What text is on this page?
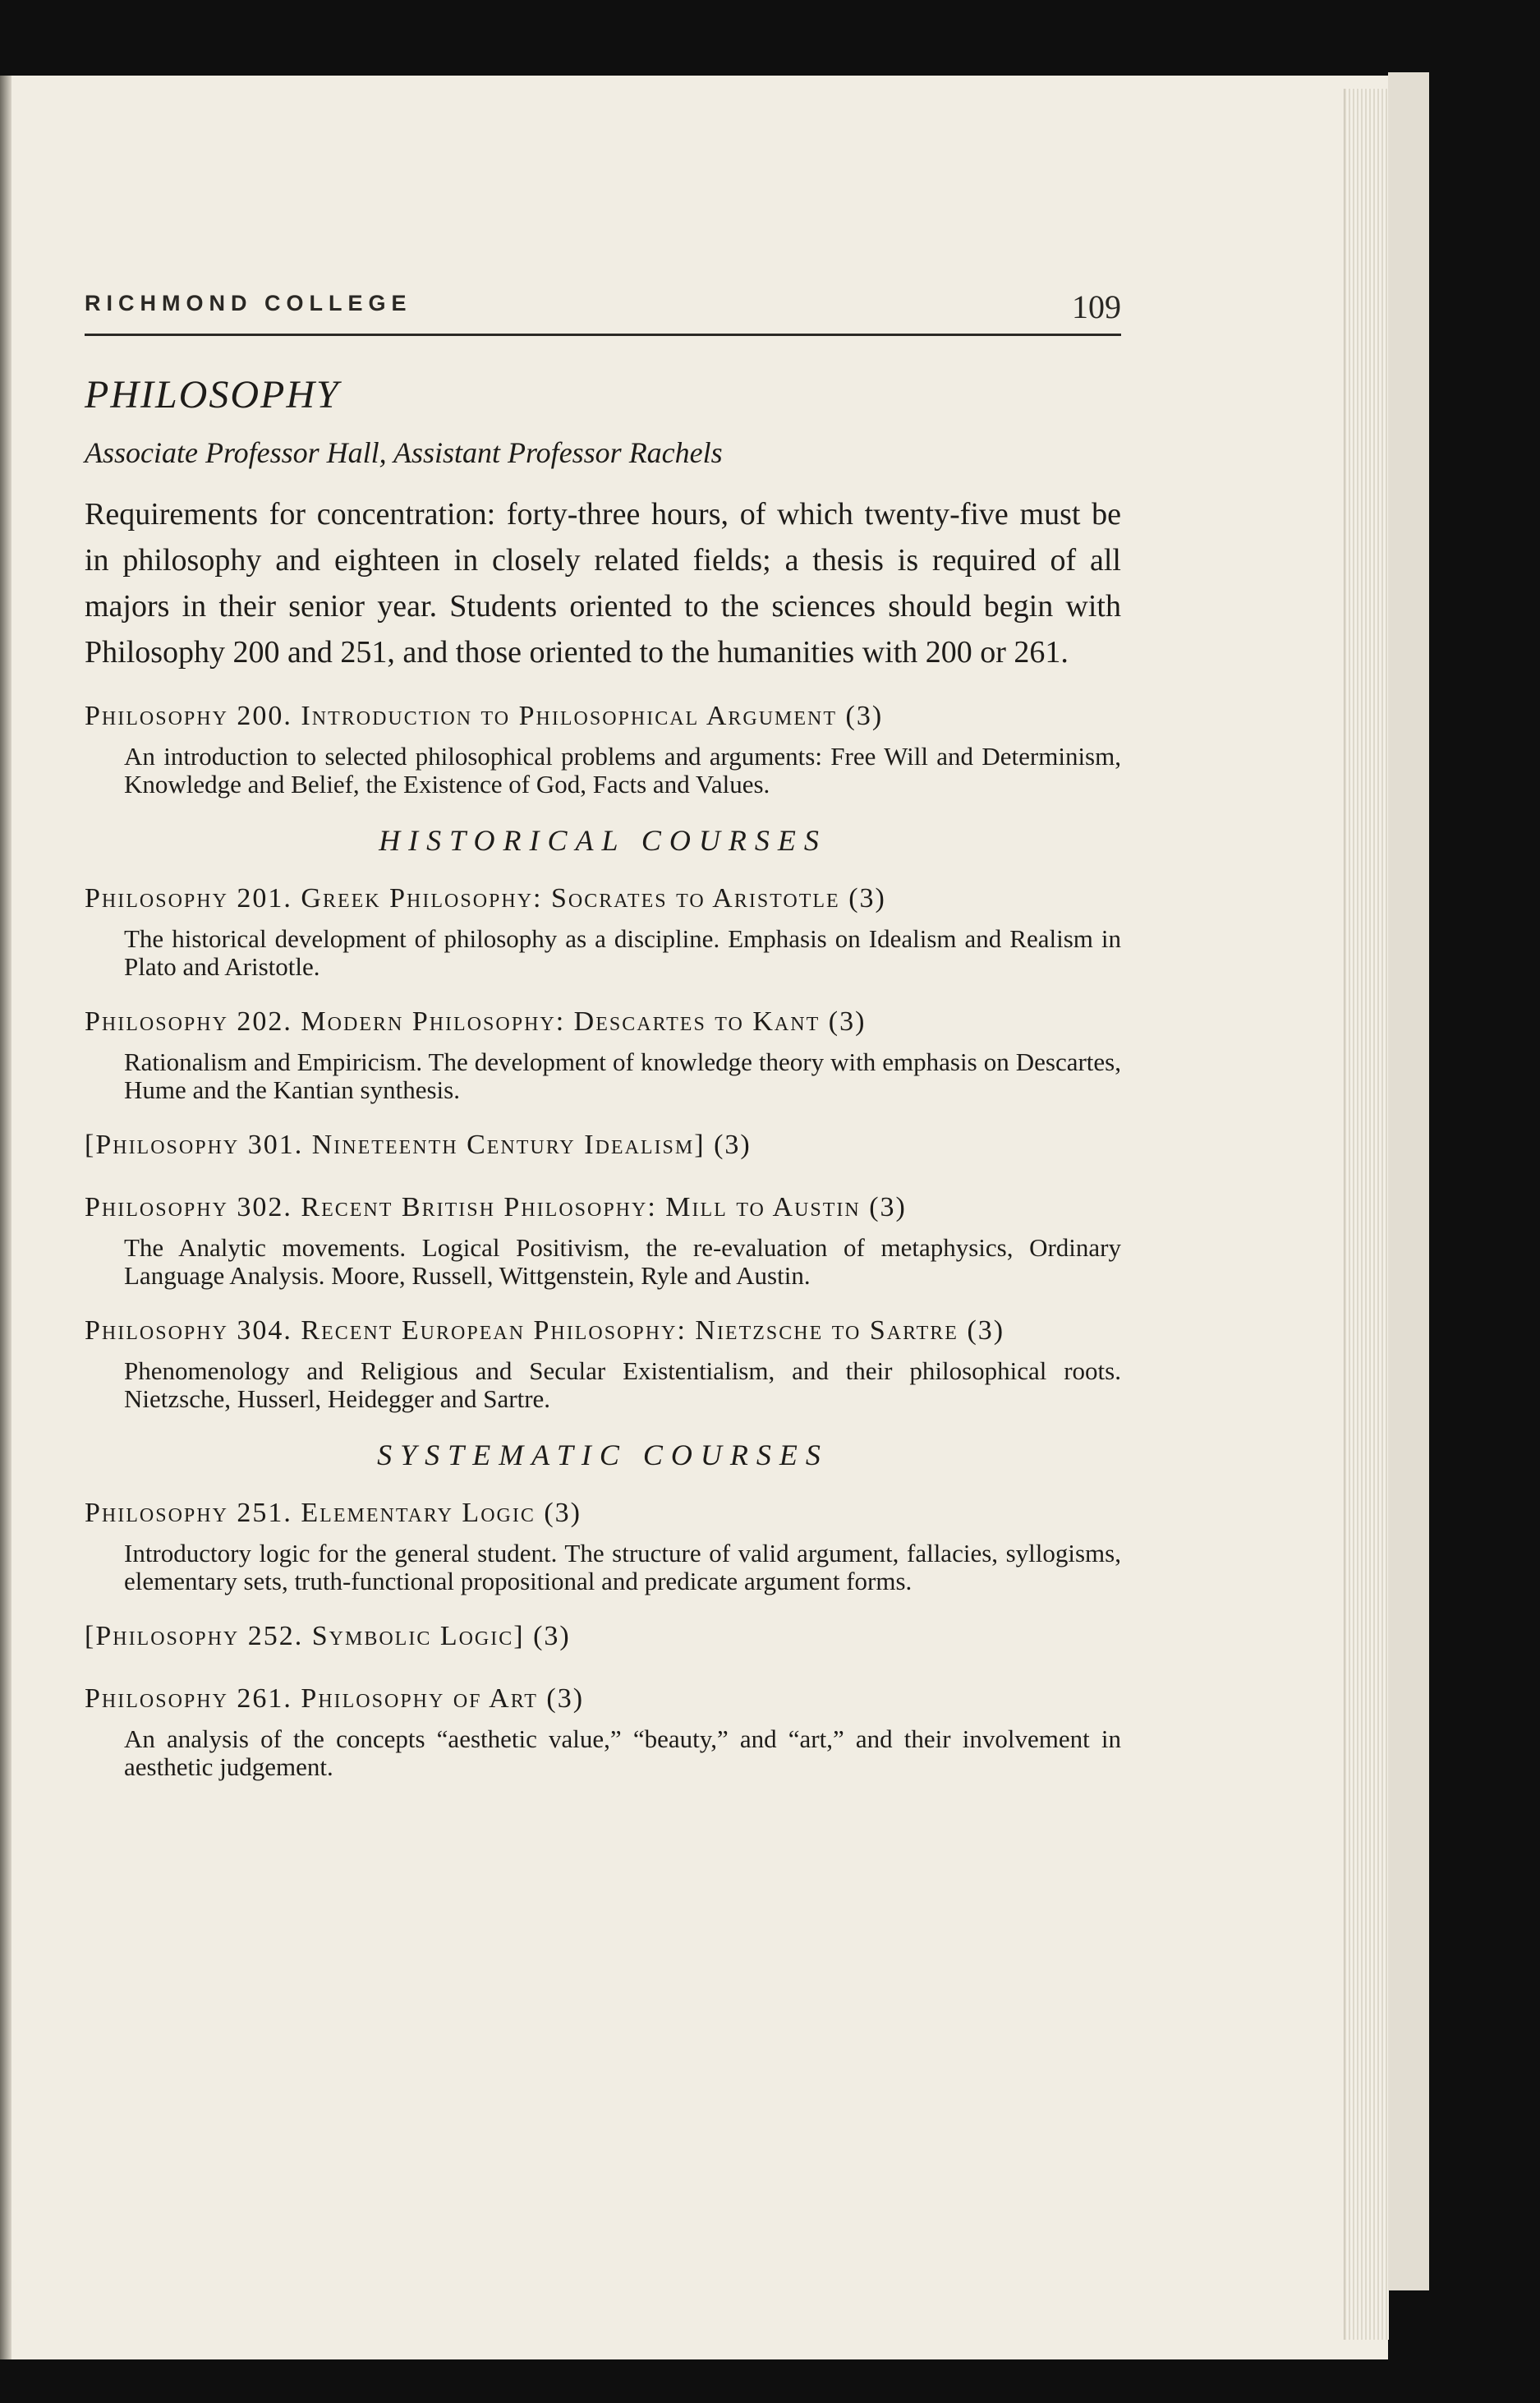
RICHMOND COLLEGE	109
PHILOSOPHY
Associate Professor Hall, Assistant Professor Rachels

Requirements for concentration: forty-three hours, of which twenty-five must be in philosophy and eighteen in closely related fields; a thesis is required of all majors in their senior year. Students oriented to the sciences should begin with Philosophy 200 and 251, and those oriented to the humanities with 200 or 261.

Philosophy 200. Introduction to Philosophical Argument (3)
An introduction to selected philosophical problems and arguments: Free Will and Determinism, Knowledge and Belief, the Existence of God, Facts and Values.
HISTORICAL COURSES
Philosophy 201. Greek Philosophy: Socrates to Aristotle (3)
The historical development of philosophy as a discipline. Emphasis on Idealism and Realism in Plato and Aristotle.
Philosophy 202. Modern Philosophy: Descartes to Kant (3)
Rationalism and Empiricism. The development of knowledge theory with emphasis on Descartes, Hume and the Kantian synthesis.
[Philosophy 301. Nineteenth Century Idealism] (3)
Philosophy 302. Recent British Philosophy: Mill to Austin (3)
The Analytic movements. Logical Positivism, the re-evaluation of metaphysics, Ordinary Language Analysis. Moore, Russell, Wittgenstein, Ryle and Austin.
Philosophy 304. Recent European Philosophy: Nietzsche to Sartre (3)
Phenomenology and Religious and Secular Existentialism, and their philosophical roots. Nietzsche, Husserl, Heidegger and Sartre.
SYSTEMATIC COURSES
Philosophy 251. Elementary Logic (3)
Introductory logic for the general student. The structure of valid argument, fallacies, syllogisms, elementary sets, truth-functional propositional and predicate argument forms.
[Philosophy 252. Symbolic Logic] (3)
Philosophy 261. Philosophy of Art (3)
An analysis of the concepts “aesthetic value,” “beauty,” and “art,” and their involvement in aesthetic judgement.
